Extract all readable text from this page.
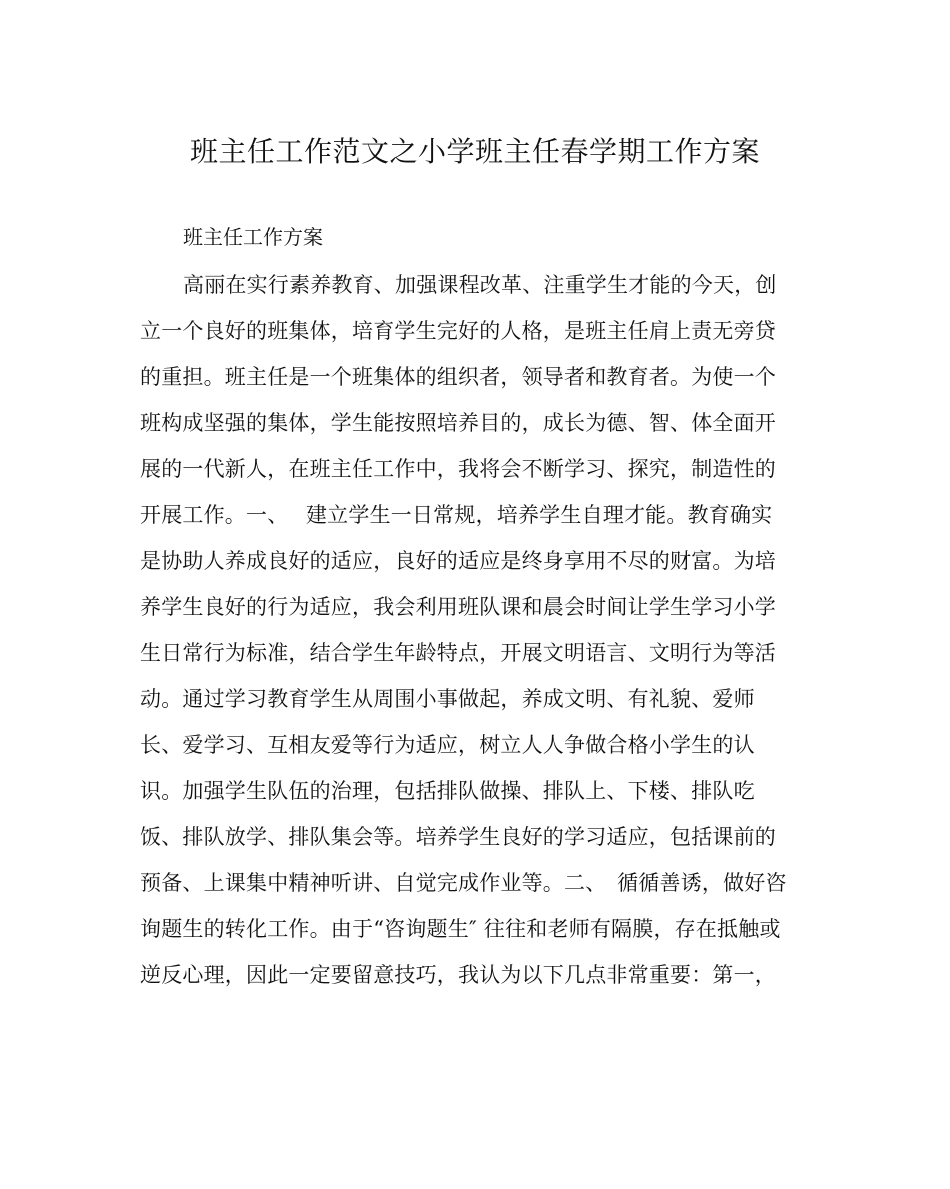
班主任工作范文之小学班主任春学期工作方案

班主任工作方案

高丽在实行素养教育、加强课程改革、注重学生才能的今天，创
立一个良好的班集体，培育学生完好的人格，是班主任肩上责无旁贷
的重担。班主任是一个班集体的组织者，领导者和教育者。为使一个
班构成坚强的集体，学生能按照培养目的，成长为德、智、体全面开
展的一代新人，在班主任工作中，我将会不断学习、探究，制造性的
开展工作。一、　 建立学生一日常规，培养学生自理才能。教育确实
是协助人养成良好的适应，良好的适应是终身享用不尽的财富。为培
养学生良好的行为适应，我会利用班队课和晨会时间让学生学习小学
生日常行为标准，结合学生年龄特点，开展文明语言、文明行为等活
动。通过学习教育学生从周围小事做起，养成文明、有礼貌、爱师
长、爱学习、互相友爱等行为适应，树立人人争做合格小学生的认
识。加强学生队伍的治理，包括排队做操、排队上、下楼、排队吃
饭、排队放学、排队集会等。培养学生良好的学习适应，包括课前的
预备、上课集中精神听讲、自觉完成作业等。二、　循循善诱，做好咨
询题生的转化工作。由于“咨询题生″ 往往和老师有隔膜，存在抵触或
逆反心理，因此一定要留意技巧，我认为以下几点非常重要：第一，
